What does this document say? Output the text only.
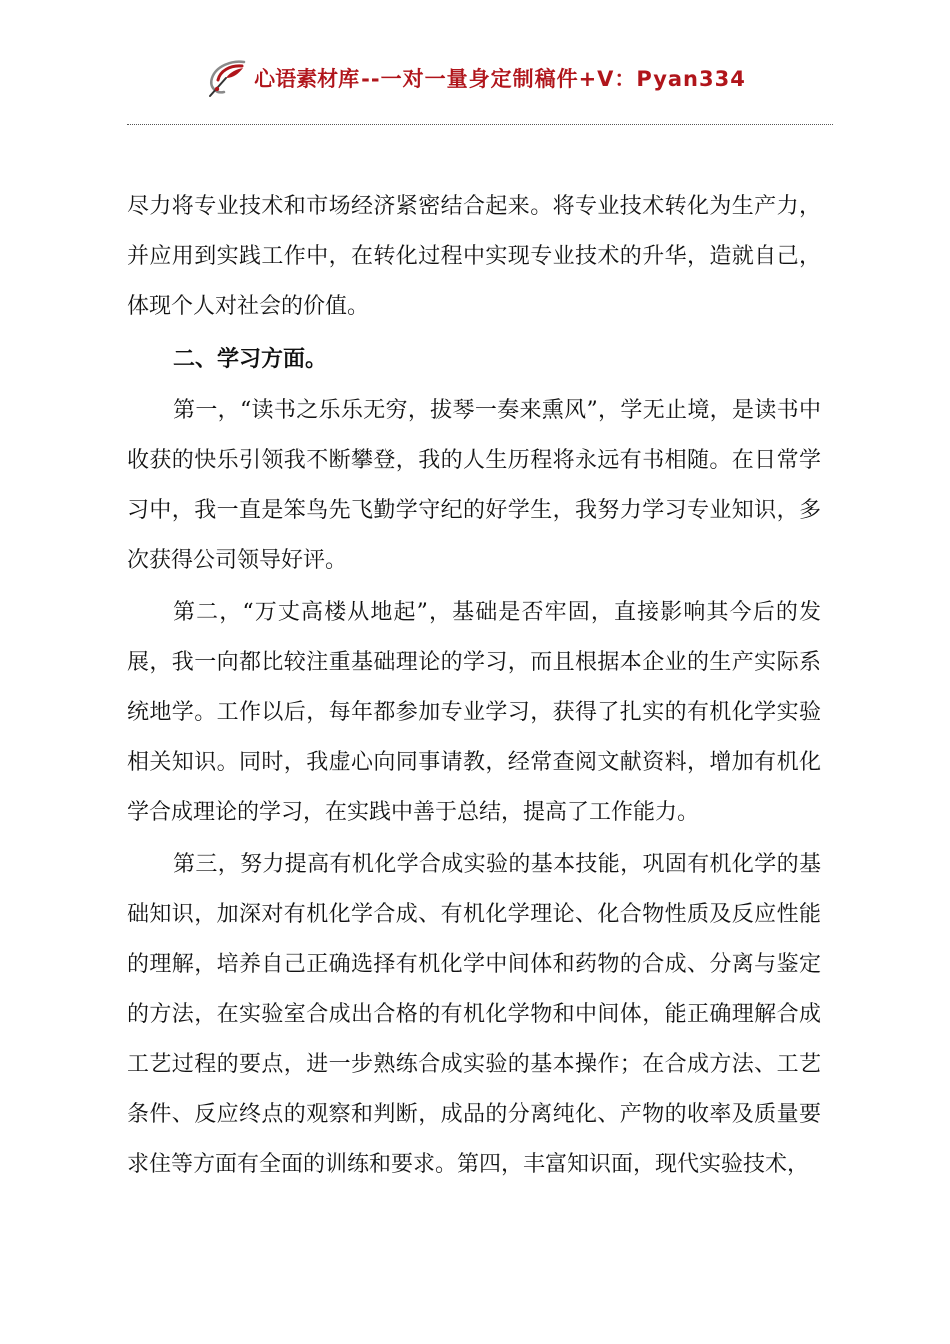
心语素材库 --一对一量身定制稿件+V：Pyan334

尽力将专业技术和市场经济紧密结合起来。将专业技术转化为生产力，并应用到实践工作中，在转化过程中实现专业技术的升华，造就自己，体现个人对社会的价值。

二、学习方面。

第一，“读书之乐乐无穷，拔琴一奏来熏风”，学无止境，是读书中收获的快乐引领我不断攀登，我的人生历程将永远有书相随。在日常学习中，我一直是笨鸟先飞勤学守纪的好学生，我努力学习专业知识，多次获得公司领导好评。

第二，“万丈高楼从地起”，基础是否牢固，直接影响其今后的发展，我一向都比较注重基础理论的学习，而且根据本企业的生产实际系统地学。工作以后，每年都参加专业学习，获得了扎实的有机化学实验相关知识。同时，我虚心向同事请教，经常查阅文献资料，增加有机化学合成理论的学习，在实践中善于总结，提高了工作能力。

第三，努力提高有机化学合成实验的基本技能，巩固有机化学的基础知识，加深对有机化学合成、有机化学理论、化合物性质及反应性能的理解，培养自己正确选择有机化学中间体和药物的合成、分离与鉴定的方法，在实验室合成出合格的有机化学物和中间体，能正确理解合成工艺过程的要点，进一步熟练合成实验的基本操作；在合成方法、工艺条件、反应终点的观察和判断，成品的分离纯化、产物的收率及质量要求住等方面有全面的训练和要求。第四，丰富知识面，现代实验技术，
